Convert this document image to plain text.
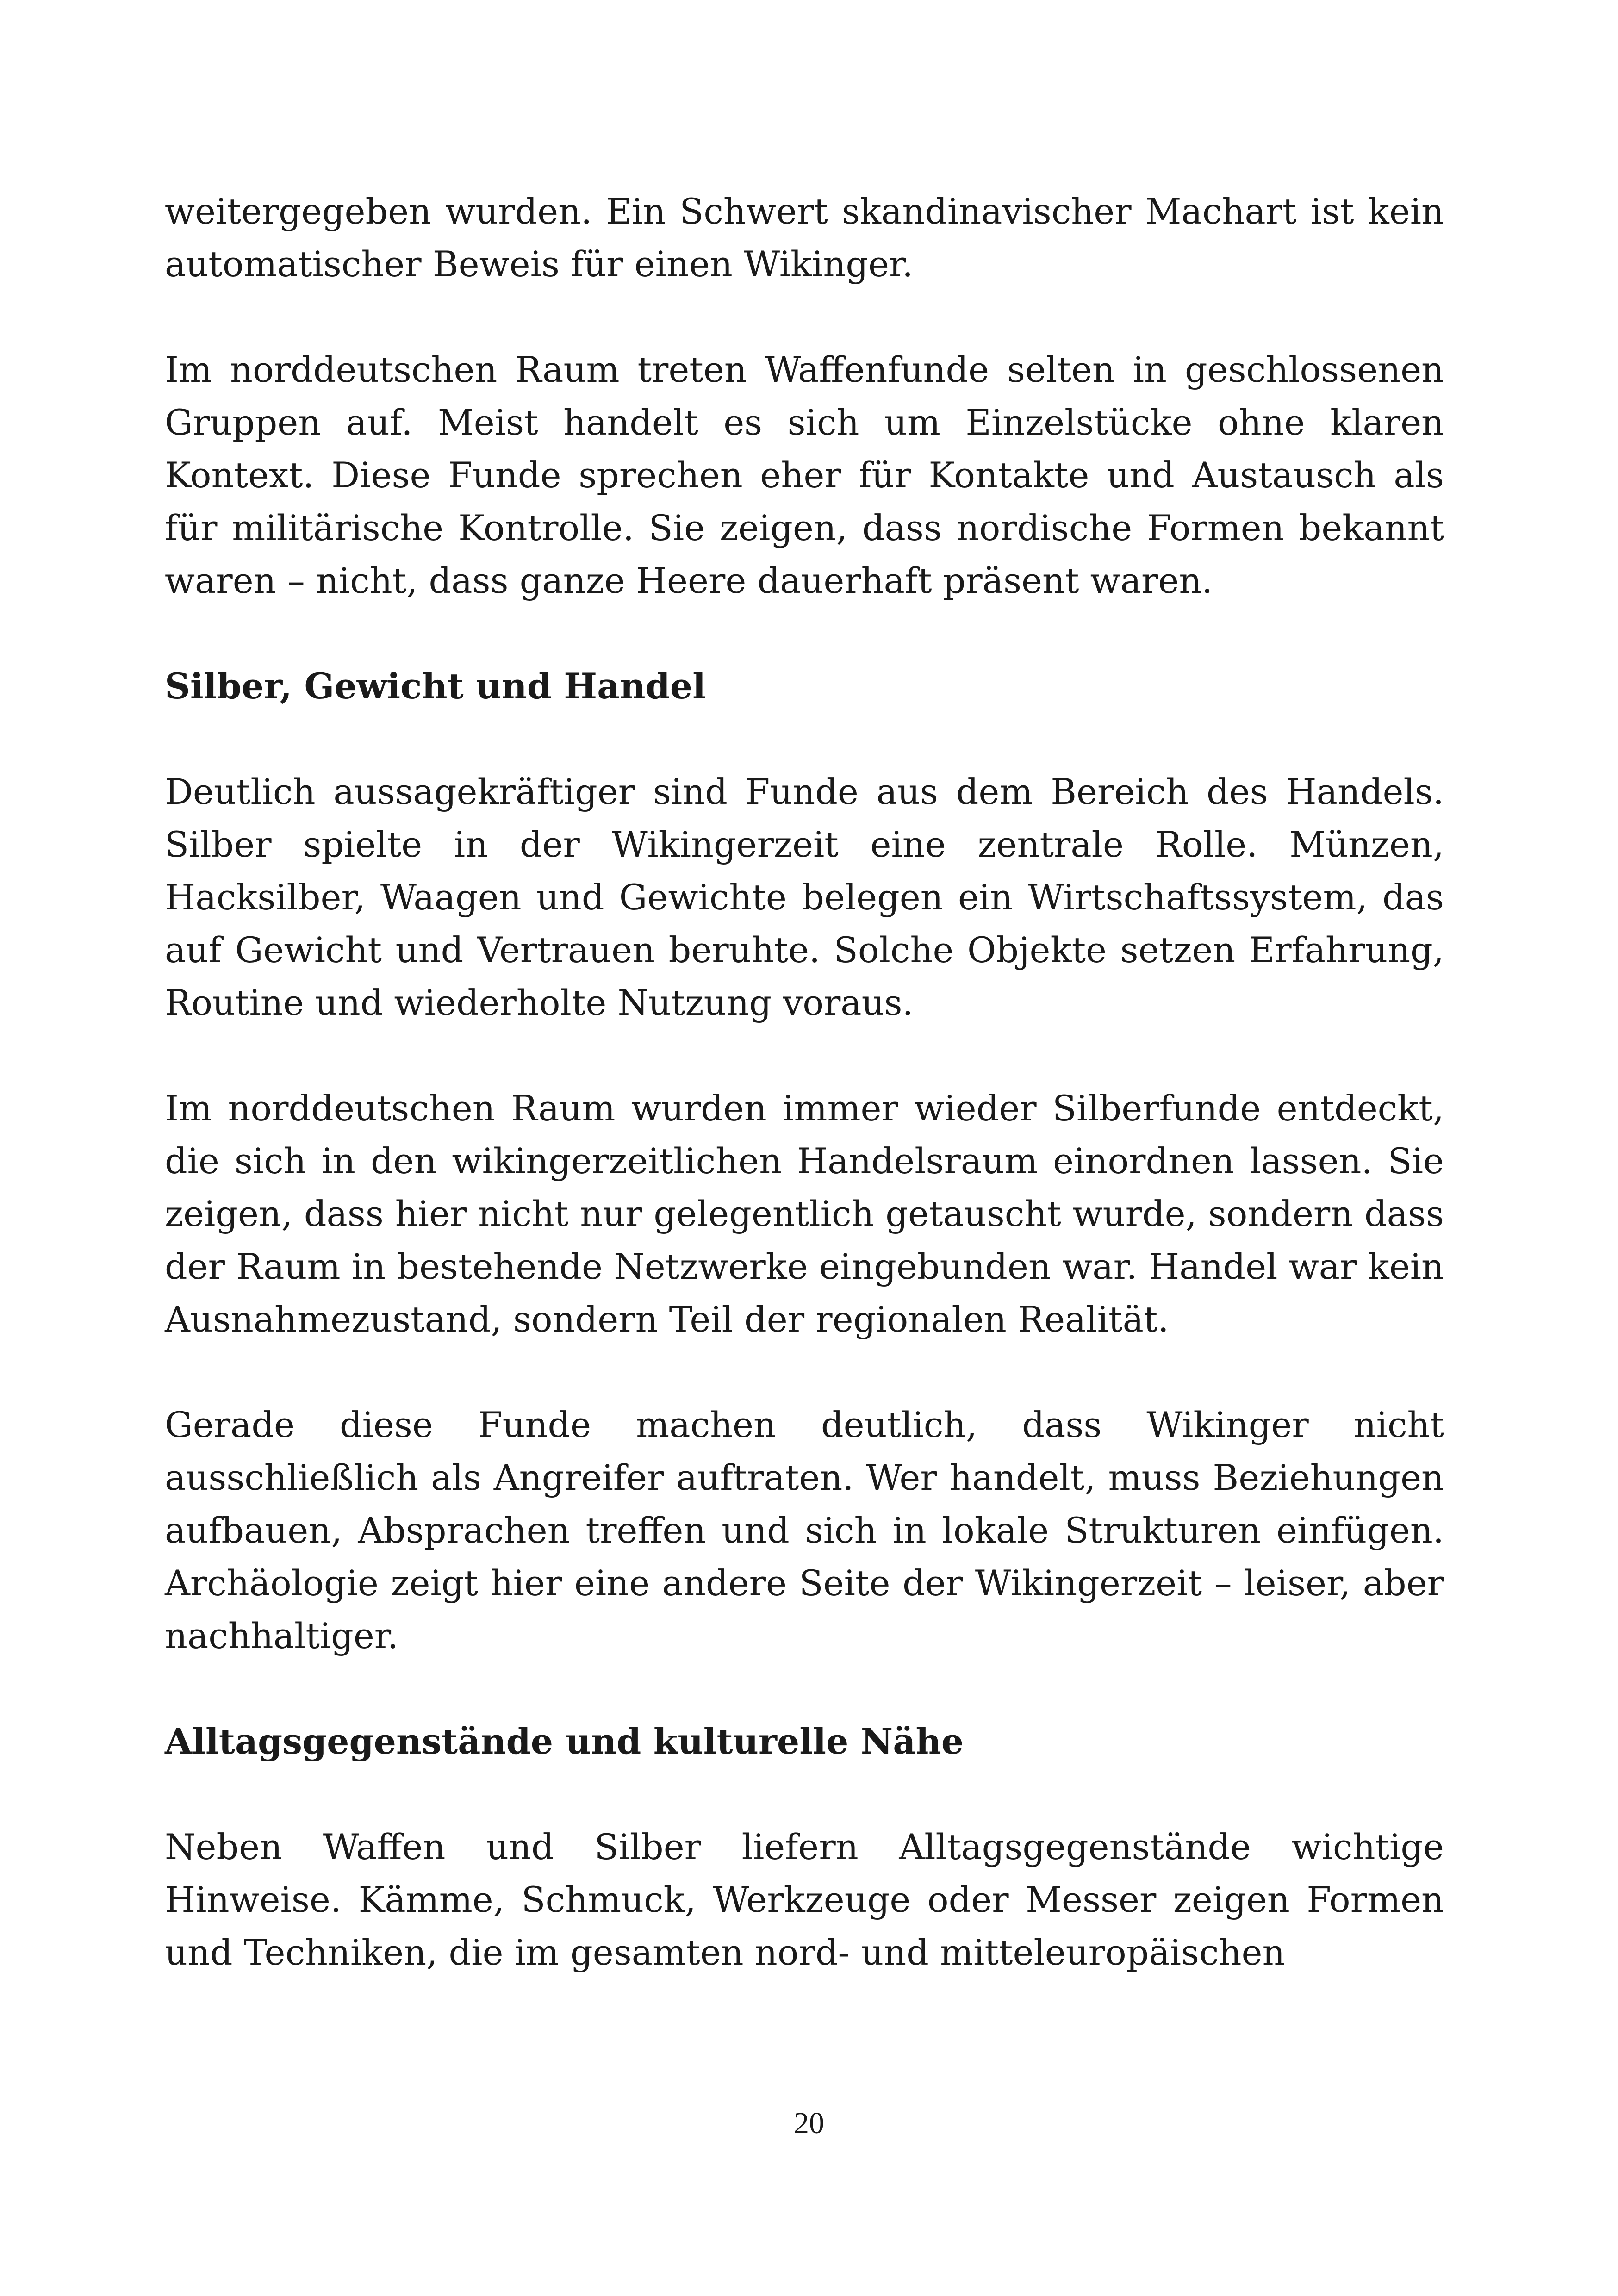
weitergegeben wurden. Ein Schwert skandinavischer Machart ist kein automatischer Beweis für einen Wikinger.

Im norddeutschen Raum treten Waffenfunde selten in geschlossenen Gruppen auf. Meist handelt es sich um Einzelstücke ohne klaren Kontext. Diese Funde sprechen eher für Kontakte und Austausch als für militärische Kontrolle. Sie zeigen, dass nordische Formen bekannt waren – nicht, dass ganze Heere dauerhaft präsent waren.

Silber, Gewicht und Handel

Deutlich aussagekräftiger sind Funde aus dem Bereich des Handels. Silber spielte in der Wikingerzeit eine zentrale Rolle. Münzen, Hacksilber, Waagen und Gewichte belegen ein Wirtschaftssystem, das auf Gewicht und Vertrauen beruhte. Solche Objekte setzen Erfahrung, Routine und wiederholte Nutzung voraus.

Im norddeutschen Raum wurden immer wieder Silberfunde entdeckt, die sich in den wikingerzeitlichen Handelsraum einordnen lassen. Sie zeigen, dass hier nicht nur gelegentlich getauscht wurde, sondern dass der Raum in bestehende Netzwerke eingebunden war. Handel war kein Ausnahmezustand, sondern Teil der regionalen Realität.

Gerade diese Funde machen deutlich, dass Wikinger nicht ausschließlich als Angreifer auftraten. Wer handelt, muss Beziehungen aufbauen, Absprachen treffen und sich in lokale Strukturen einfügen. Archäologie zeigt hier eine andere Seite der Wikingerzeit – leiser, aber nachhaltiger.

Alltagsgegenstände und kulturelle Nähe

Neben Waffen und Silber liefern Alltagsgegenstände wichtige Hinweise. Kämme, Schmuck, Werkzeuge oder Messer zeigen Formen und Techniken, die im gesamten nord- und mitteleuropäischen

20
